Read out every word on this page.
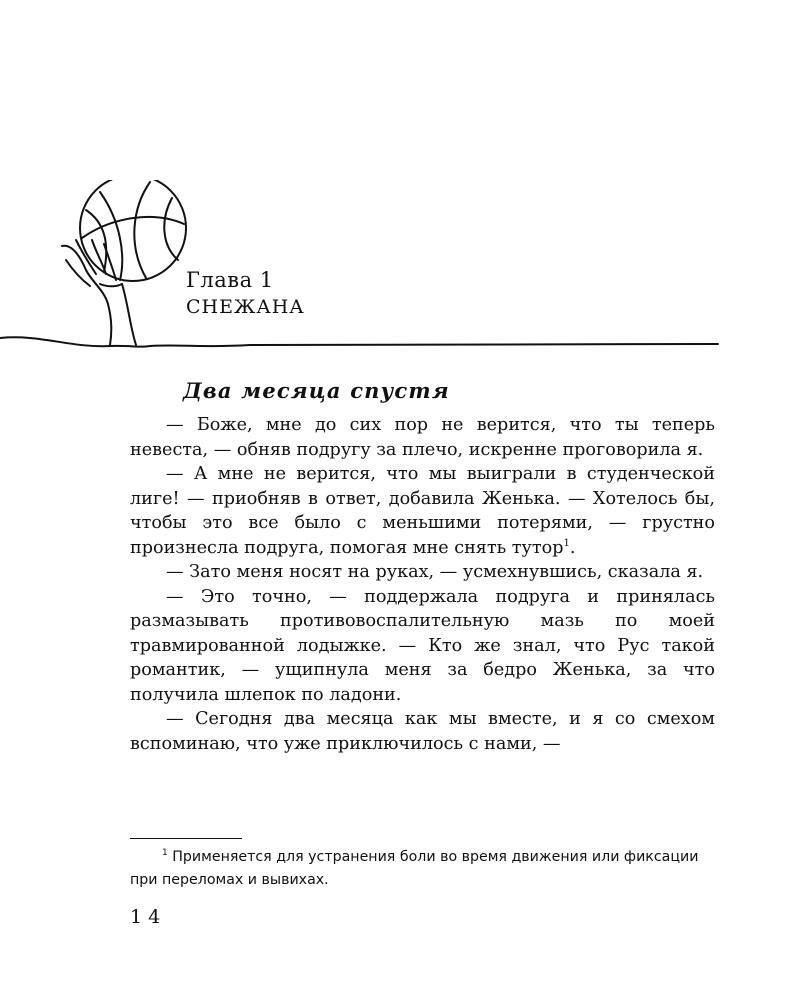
Глава 1
СНЕЖАНА
Два месяца спустя

— Боже, мне до сих пор не верится, что ты теперь невеста, — обняв подругу за плечо, искренне проговорила я.

— А мне не верится, что мы выиграли в студенческой лиге! — приобняв в ответ, добавила Женька. — Хотелось бы, чтобы это все было с меньшими потерями, — грустно произнесла подруга, помогая мне снять тутор$^1$.

— Зато меня носят на руках, — усмехнувшись, сказала я.

— Это точно, — поддержала подруга и принялась размазывать противовоспалительную мазь по моей травмированной лодыжке. — Кто же знал, что Рус такой романтик, — ущипнула меня за бедро Женька, за что получила шлепок по ладони.

— Сегодня два месяца как мы вместе, и я со смехом вспоминаю, что уже приключилось с нами, —

$^1$ Применяется для устранения боли во время движения или фиксации при переломах и вывихах.
14
